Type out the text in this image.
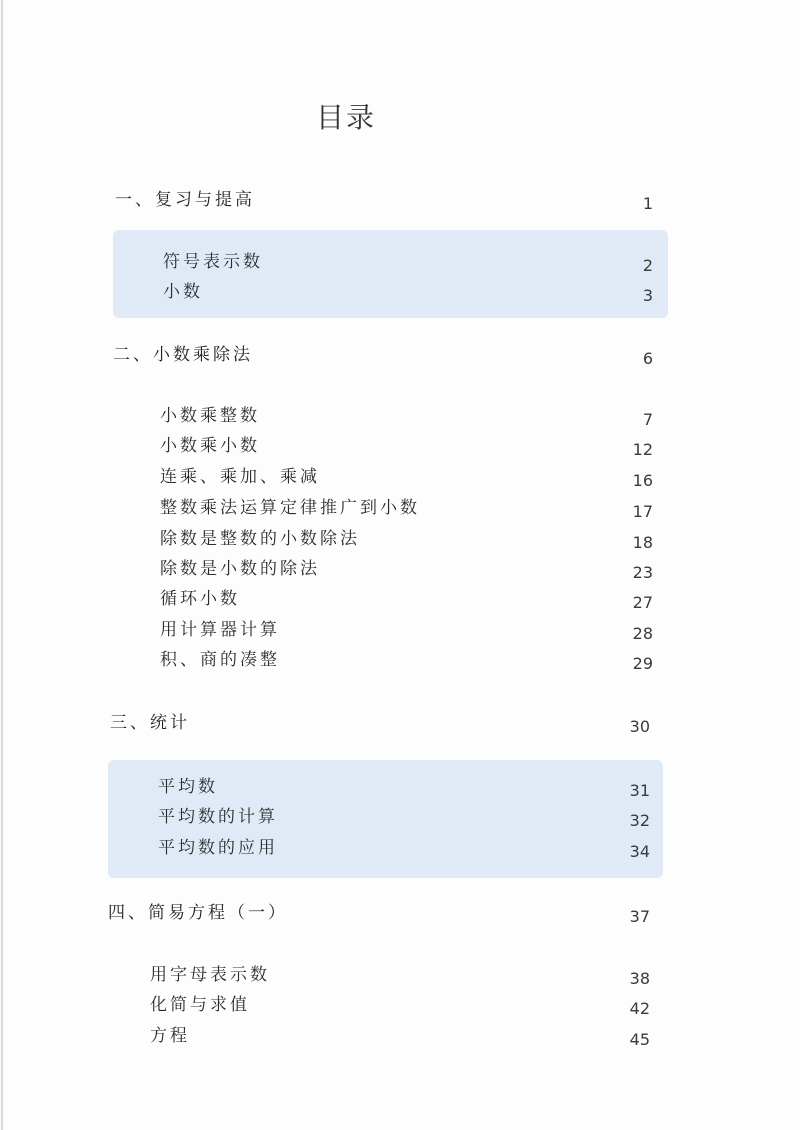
目录
一、复习与提高	1
符号表示数	2
小数	3
二、小数乘除法	6
小数乘整数	7
小数乘小数	12
连乘、乘加、乘减	16
整数乘法运算定律推广到小数	17
除数是整数的小数除法	18
除数是小数的除法	23
循环小数	27
用计算器计算	28
积、商的凑整	29
三、统计	30
平均数	31
平均数的计算	32
平均数的应用	34
四、简易方程（一）	37
用字母表示数	38
化简与求值	42
方程	45
